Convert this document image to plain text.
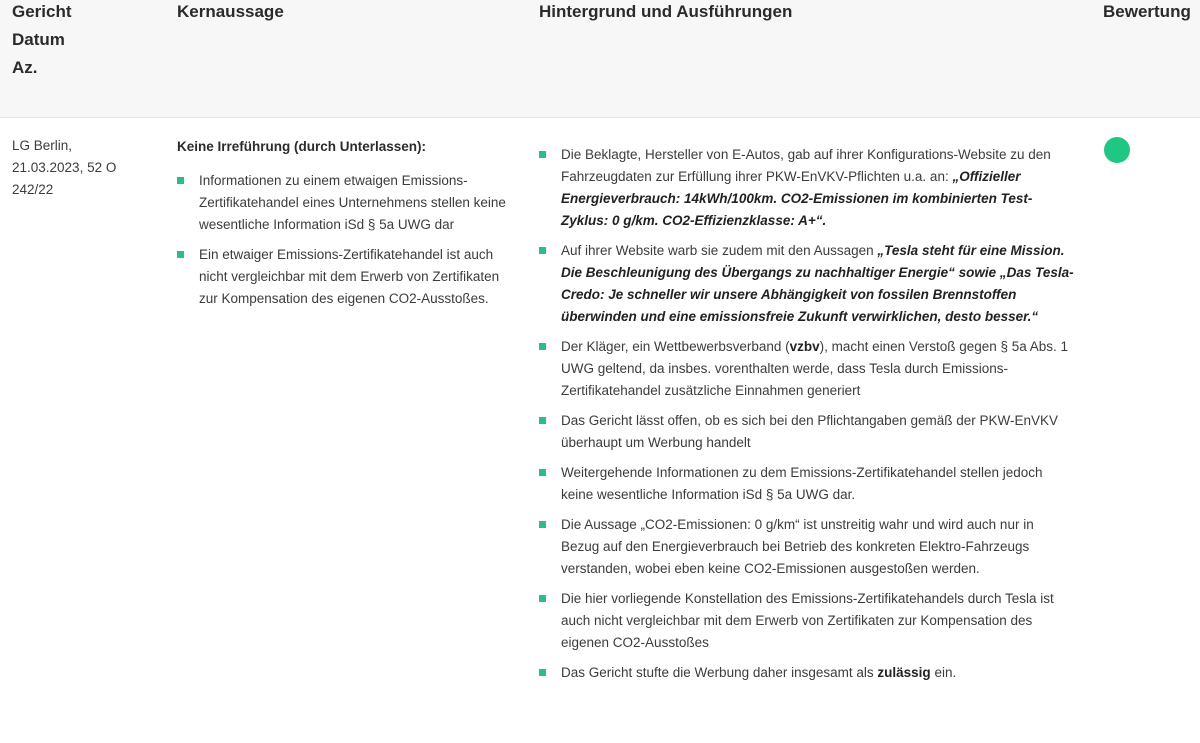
Gericht
Datum
Az.
Kernaussage	Hintergrund und Ausführungen	Bewertung
LG Berlin,
21.03.2023, 52 O
242/22
Keine Irreführung (durch Unterlassen):
Informationen zu einem etwaigen Emissions-Zertifikatehandel eines Unternehmens stellen keine wesentliche Information iSd § 5a UWG dar
Ein etwaiger Emissions-Zertifikatehandel ist auch nicht vergleichbar mit dem Erwerb von Zertifikaten zur Kompensation des eigenen CO2-Ausstoßes.
Die Beklagte, Hersteller von E-Autos, gab auf ihrer Konfigurations-Website zu den Fahrzeugdaten zur Erfüllung ihrer PKW-EnVKV-Pflichten u.a. an: „Offizieller Energieverbrauch: 14kWh/100km. CO2-Emissionen im kombinierten Test-Zyklus: 0 g/km. CO2-Effizienzklasse: A+“.
Auf ihrer Website warb sie zudem mit den Aussagen „Tesla steht für eine Mission. Die Beschleunigung des Übergangs zu nachhaltiger Energie“ sowie „Das Tesla-Credo: Je schneller wir unsere Abhängigkeit von fossilen Brennstoffen überwinden und eine emissionsfreie Zukunft verwirklichen, desto besser.“
Der Kläger, ein Wettbewerbsverband (vzbv), macht einen Verstoß gegen § 5a Abs. 1 UWG geltend, da insbes. vorenthalten werde, dass Tesla durch Emissions-Zertifikatehandel zusätzliche Einnahmen generiert
Das Gericht lässt offen, ob es sich bei den Pflichtangaben gemäß der PKW-EnVKV überhaupt um Werbung handelt
Weitergehende Informationen zu dem Emissions-Zertifikatehandel stellen jedoch keine wesentliche Information iSd § 5a UWG dar.
Die Aussage „CO2-Emissionen: 0 g/km“ ist unstreitig wahr und wird auch nur in Bezug auf den Energieverbrauch bei Betrieb des konkreten Elektro-Fahrzeugs verstanden, wobei eben keine CO2-Emissionen ausgestoßen werden.
Die hier vorliegende Konstellation des Emissions-Zertifikatehandels durch Tesla ist auch nicht vergleichbar mit dem Erwerb von Zertifikaten zur Kompensation des eigenen CO2-Ausstoßes
Das Gericht stufte die Werbung daher insgesamt als zulässig ein.
